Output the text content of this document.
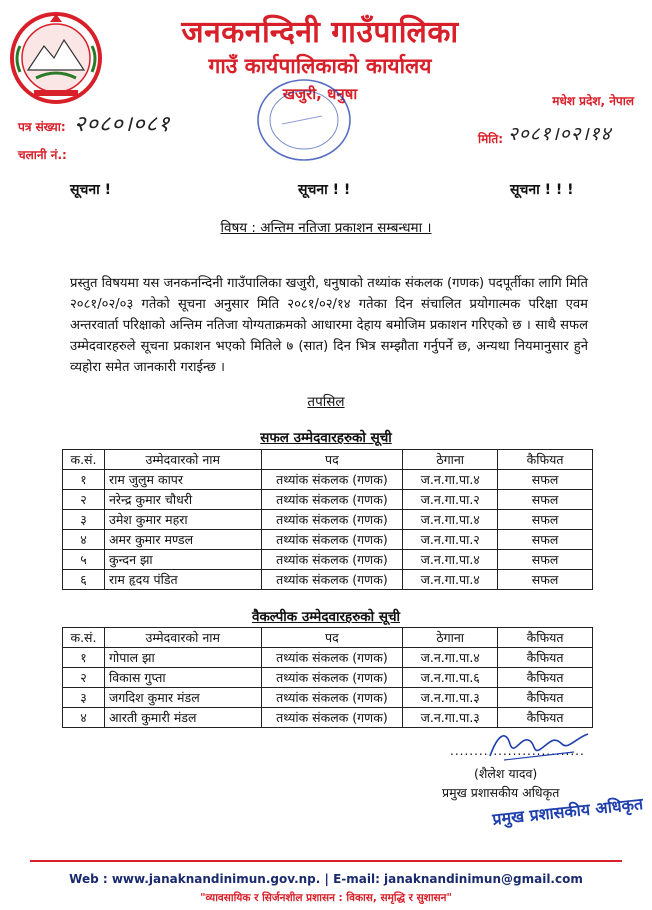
जनकनन्दिनी गाउँपालिका
गाउँ कार्यपालिकाको कार्यालय
खजुरी, धनुषा	मधेश प्रदेश, नेपाल
पत्र संख्या: २०८०।०८१
चलानी नं.:
मिति: २०८१।०२।१४
सूचना !	सूचना ! !	सूचना ! ! !
विषय : अन्तिम नतिजा प्रकाशन सम्बन्धमा ।
प्रस्तुत विषयमा यस जनकनन्दिनी गाउँपालिका खजुरी, धनुषाको तथ्यांक संकलक (गणक) पदपूर्तीका लागि मिति २०८१/०२/०३ गतेको सूचना अनुसार मिति २०८१/०२/१४ गतेका दिन संचालित प्रयोगात्मक परिक्षा एवम अन्तरवार्ता परिक्षाको अन्तिम नतिजा योग्यताक्रमको आधारमा देहाय बमोजिम प्रकाशन गरिएको छ । साथै सफल उम्मेदवारहरुले सूचना प्रकाशन भएको मितिले ७ (सात) दिन भित्र सम्झौता गर्नुपर्ने छ, अन्यथा नियमानुसार हुने व्यहोरा समेत जानकारी गराईन्छ ।
तपसिल
सफल उम्मेदवारहरुको सूची
क.सं.	उम्मेदवारको नाम	पद	ठेगाना	कैफियत
१	राम जुलुम कापर	तथ्यांक संकलक (गणक)	ज.न.गा.पा.४	सफल
२	नरेन्द्र कुमार चौधरी	तथ्यांक संकलक (गणक)	ज.न.गा.पा.२	सफल
३	उमेश कुमार महरा	तथ्यांक संकलक (गणक)	ज.न.गा.पा.४	सफल
४	अमर कुमार मण्डल	तथ्यांक संकलक (गणक)	ज.न.गा.पा.२	सफल
५	कुन्दन झा	तथ्यांक संकलक (गणक)	ज.न.गा.पा.४	सफल
६	राम हृदय पंडित	तथ्यांक संकलक (गणक)	ज.न.गा.पा.४	सफल
वैकल्पीक उम्मेदवारहरुको सूची
क.सं.	उम्मेदवारको नाम	पद	ठेगाना	कैफियत
१	गोपाल झा	तथ्यांक संकलक (गणक)	ज.न.गा.पा.४	कैफियत
२	विकास गुप्ता	तथ्यांक संकलक (गणक)	ज.न.गा.पा.६	कैफियत
३	जगदिश कुमार मंडल	तथ्यांक संकलक (गणक)	ज.न.गा.पा.३	कैफियत
४	आरती कुमारी मंडल	तथ्यांक संकलक (गणक)	ज.न.गा.पा.३	कैफियत
............................
(शैलेश यादव)
प्रमुख प्रशासकीय अधिकृत
प्रमुख प्रशासकीय अधिकृत
Web : www.janaknandinimun.gov.np. | E-mail: janaknandinimun@gmail.com
"व्यावसायिक र सिर्जनशील प्रशासन : विकास, समृद्धि र सुशासन"
